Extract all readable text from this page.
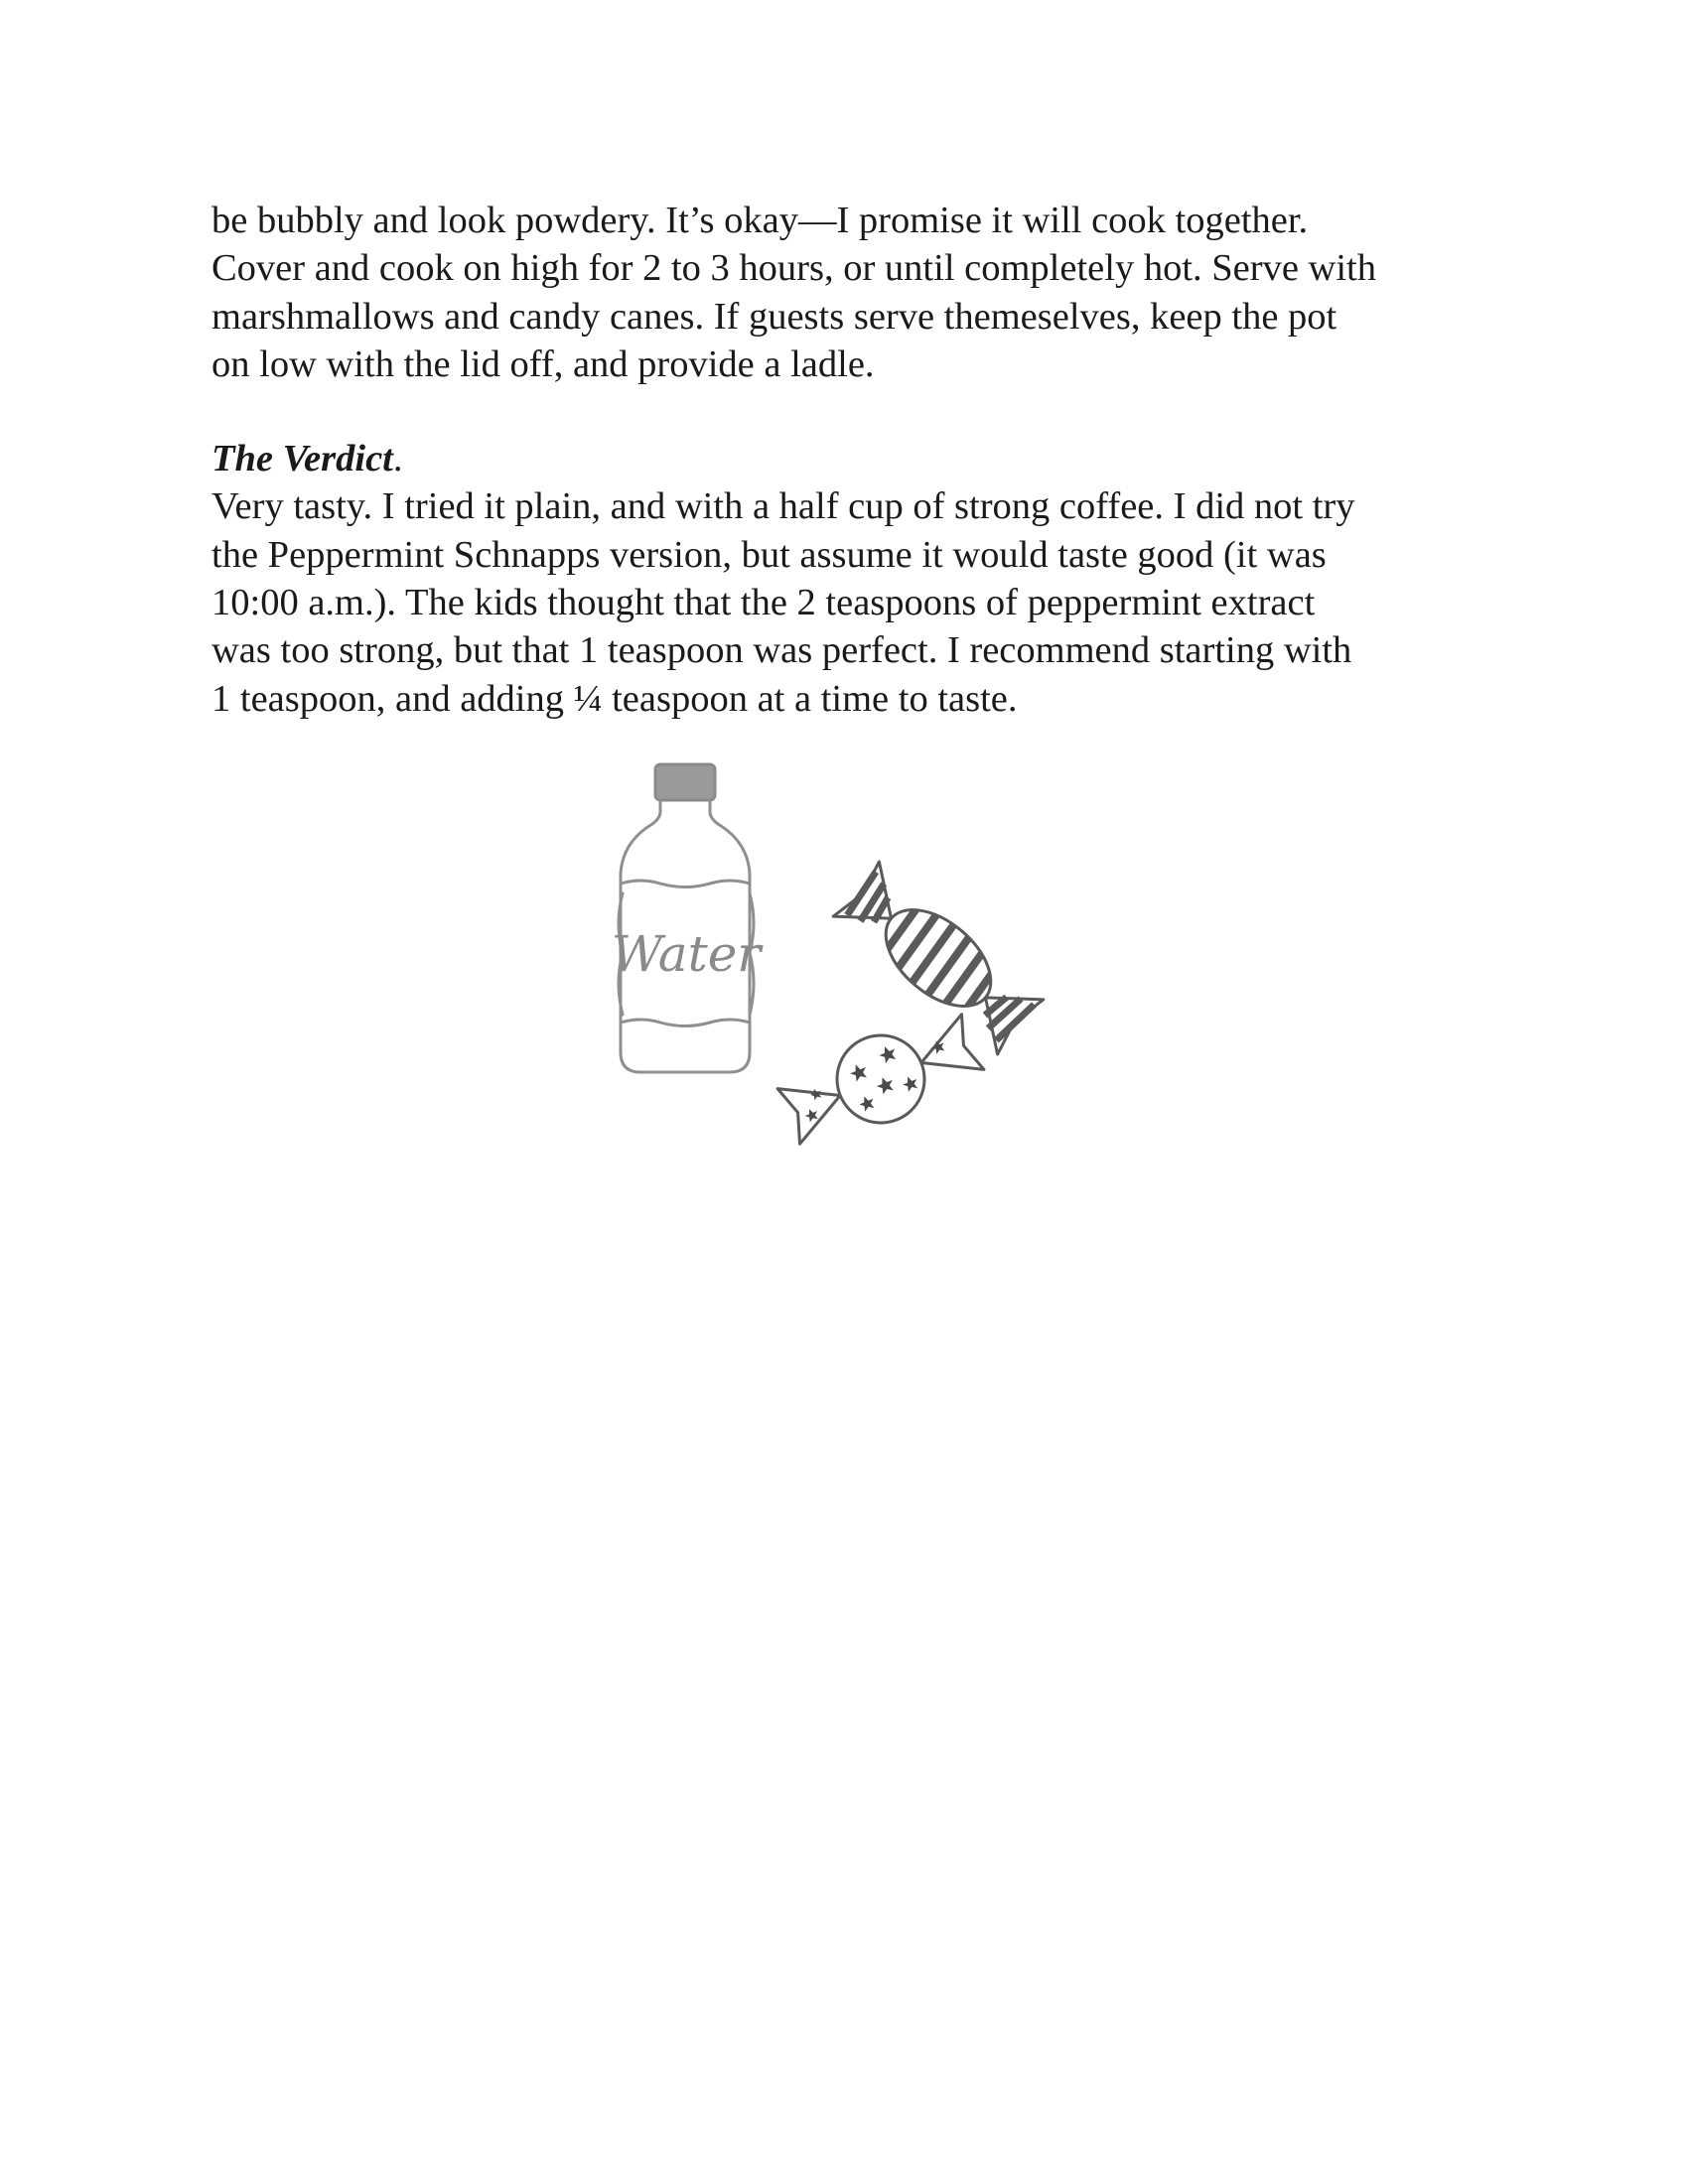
be bubbly and look powdery. It’s okay—I promise it will cook together.
Cover and cook on high for 2 to 3 hours, or until completely hot. Serve with
marshmallows and candy canes. If guests serve themeselves, keep the pot
on low with the lid off, and provide a ladle.

The Verdict.

Very tasty. I tried it plain, and with a half cup of strong coffee. I did not try
the Peppermint Schnapps version, but assume it would taste good (it was
10:00 a.m.). The kids thought that the 2 teaspoons of peppermint extract
was too strong, but that 1 teaspoon was perfect. I recommend starting with
1 teaspoon, and adding ¼ teaspoon at a time to taste.

Water
